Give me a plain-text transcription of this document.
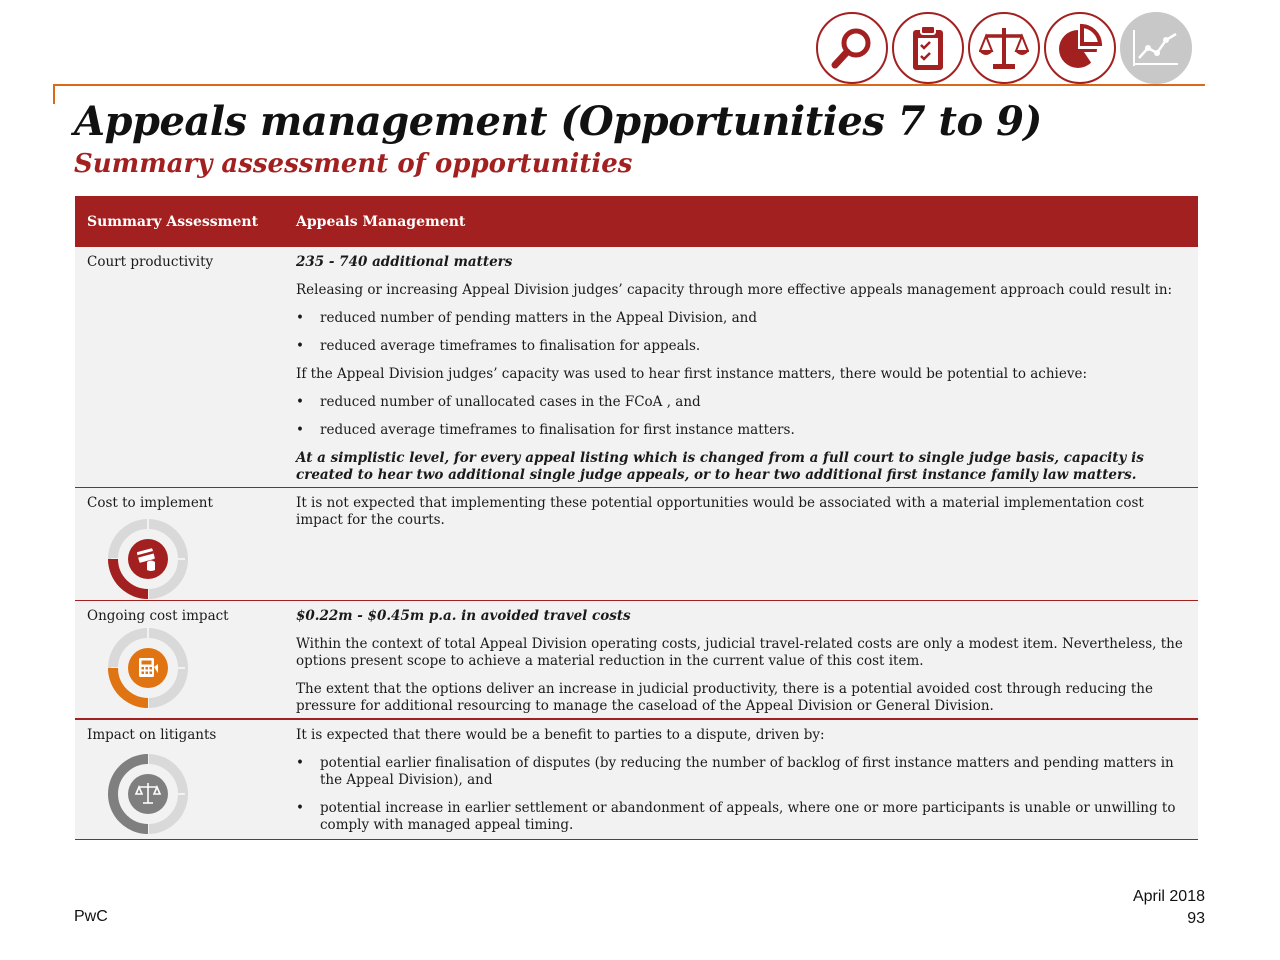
Appeals management (Opportunities 7 to 9)
Summary assessment of opportunities
Summary Assessment	Appeals Management
Court productivity	235 - 740 additional matters

Releasing or increasing Appeal Division judges’ capacity through more effective appeals management approach could result in:

•	reduced number of pending matters in the Appeal Division, and
•	reduced average timeframes to finalisation for appeals.

If the Appeal Division judges’ capacity was used to hear first instance matters, there would be potential to achieve:

•	reduced number of unallocated cases in the FCoA , and
•	reduced average timeframes to finalisation for first instance matters.

At a simplistic level, for every appeal listing which is changed from a full court to single judge basis, capacity is created to hear two additional single judge appeals, or to hear two additional first instance family law matters.

Cost to implement	It is not expected that implementing these potential opportunities would be associated with a material implementation cost impact for the courts.

Ongoing cost impact	$0.22m - $0.45m p.a. in avoided travel costs

Within the context of total Appeal Division operating costs, judicial travel-related costs are only a modest item. Nevertheless, the options present scope to achieve a material reduction in the current value of this cost item.

The extent that the options deliver an increase in judicial productivity, there is a potential avoided cost through reducing the pressure for additional resourcing to manage the caseload of the Appeal Division or General Division.

Impact on litigants	It is expected that there would be a benefit to parties to a dispute, driven by:

•	potential earlier finalisation of disputes (by reducing the number of backlog of first instance matters and pending matters in the Appeal Division), and
•	potential increase in earlier settlement or abandonment of appeals, where one or more participants is unable or unwilling to comply with managed appeal timing.
PwC
April 2018
93
